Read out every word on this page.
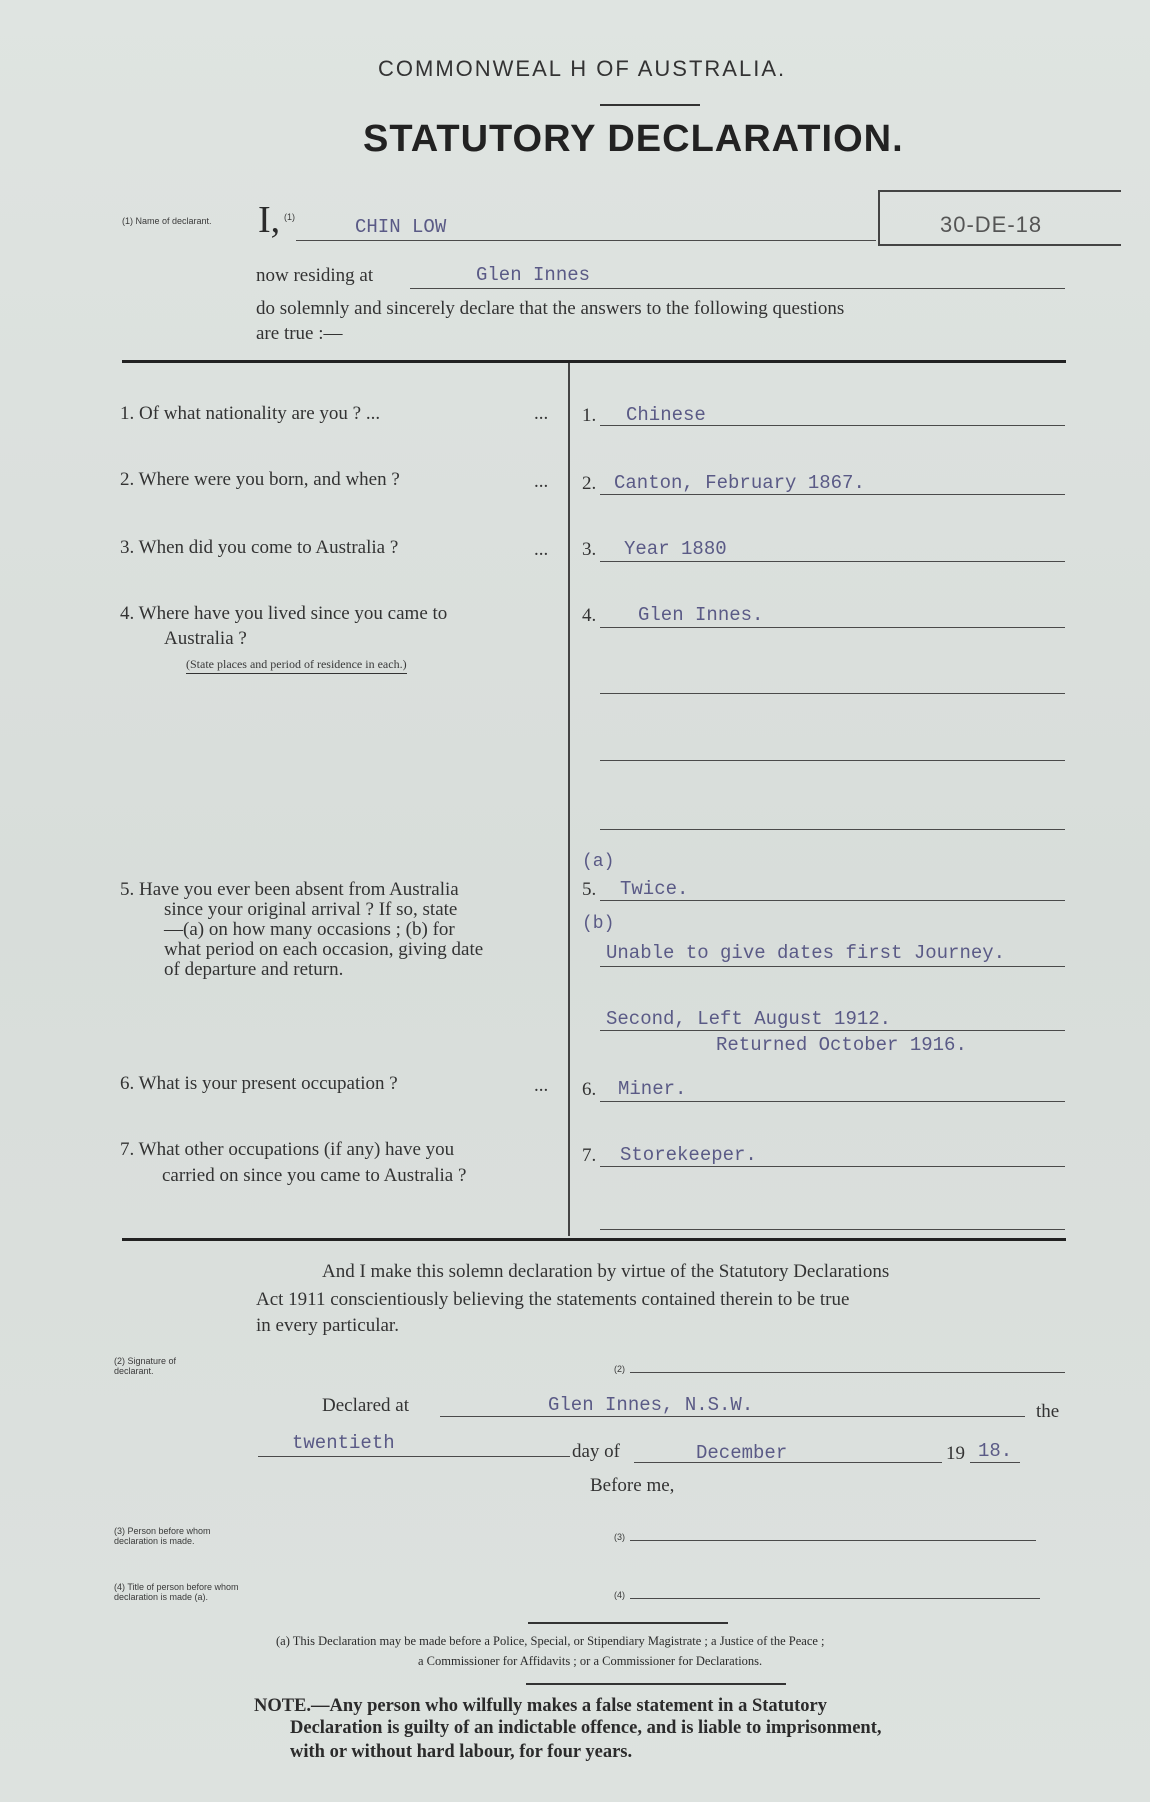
COMMONWEAL H OF AUSTRALIA.
STATUTORY DECLARATION.
30-DE-18
(1) Name of declarant. I, (1)	CHIN LOW
now residing at	Glen Innes
do solemnly and sincerely declare that the answers to the following questions
are true :—
1. Of what nationality are you ? ...	... 1. Chinese
2. Where were you born, and when ?	... 2. Canton, February 1867.
3. When did you come to Australia ?	... 3. Year 1880
4. Where have you lived since you came to
Australia ?
(State places and period of residence in each.)
4. Glen Innes.
5. Have you ever been absent from Australia
since your original arrival ? If so, state
—(a) on how many occasions ; (b) for
what period on each occasion, giving date
of departure and return.
(a)
5. Twice.
(b)
Unable to give dates first Journey.
Second, Left August 1912.
Returned October 1916.
6. What is your present occupation ?	... 6. Miner.
7. What other occupations (if any) have you
carried on since you came to Australia ?
7. Storekeeper.
And I make this solemn declaration by virtue of the Statutory Declarations
Act 1911 conscientiously believing the statements contained therein to be true
in every particular.
(2) Signature of declarant.	(2)
Declared at	Glen Innes, N.S.W.	the
twentieth	day of	December	19 18.
Before me,
(3) Person before whom declaration is made.	(3)
(4) Title of person before whom declaration is made (a).	(4)
(a) This Declaration may be made before a Police, Special, or Stipendiary Magistrate ; a Justice of the Peace ;
a Commissioner for Affidavits ; or a Commissioner for Declarations.
NOTE.—Any person who wilfully makes a false statement in a Statutory
Declaration is guilty of an indictable offence, and is liable to imprisonment,
with or without hard labour, for four years.
